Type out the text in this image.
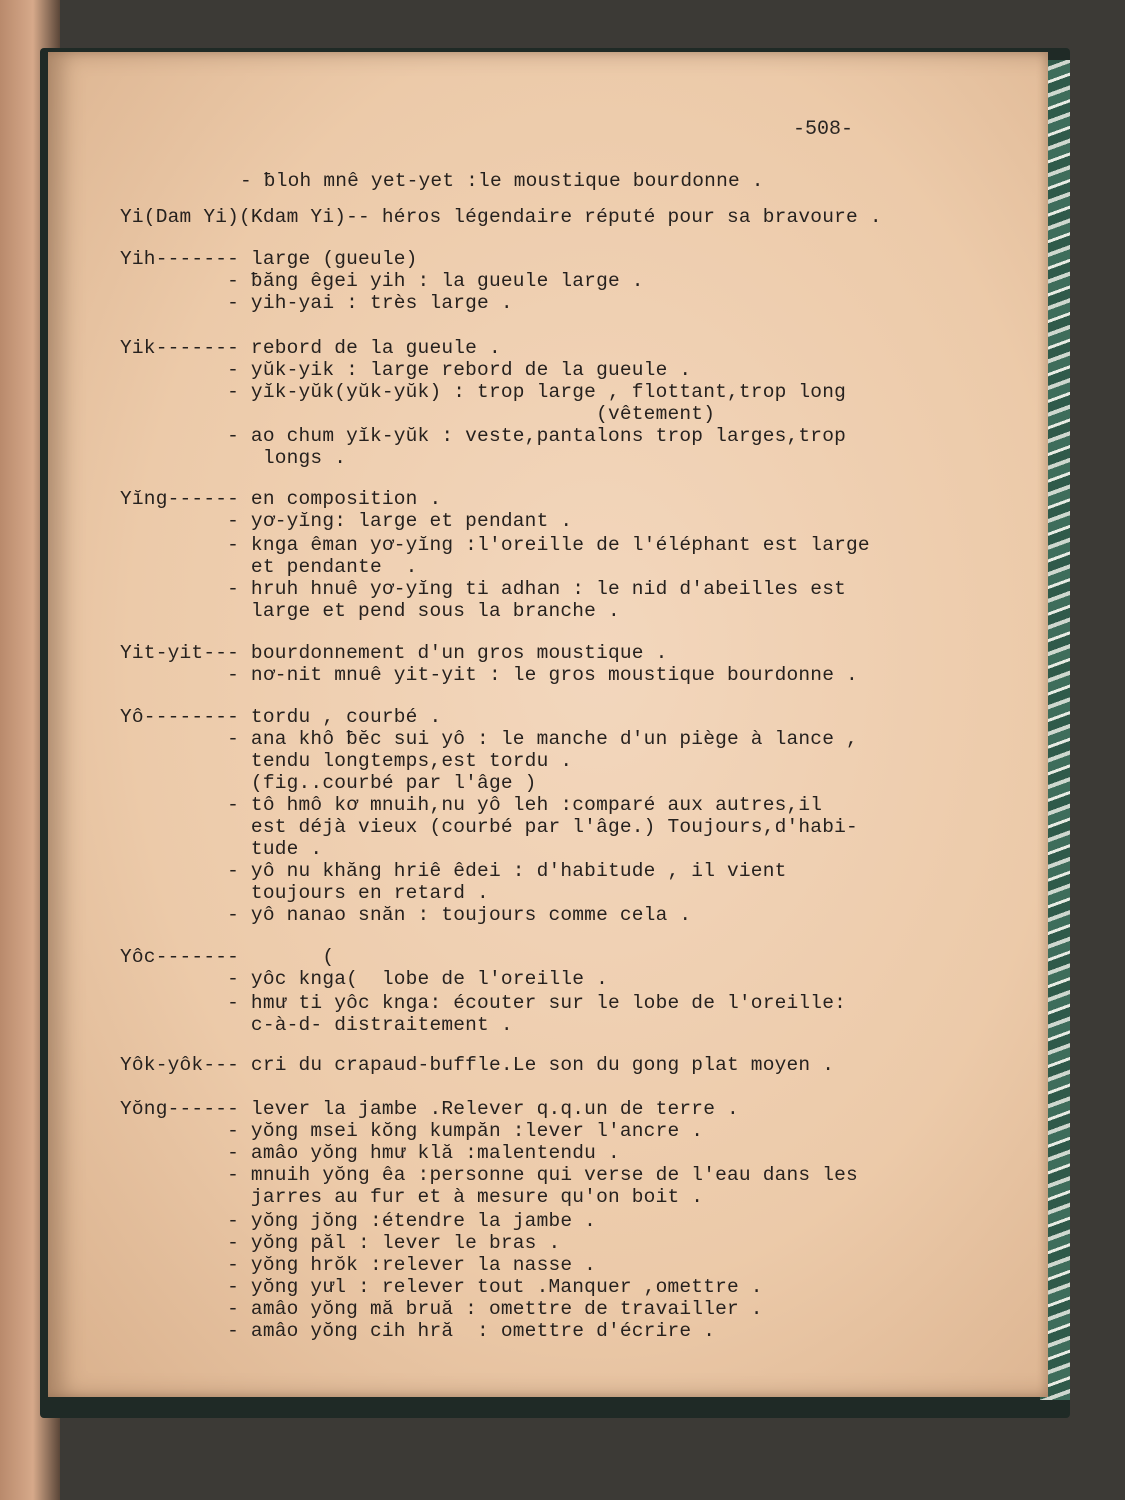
-508-
- ƀloh mnê yet-yet :le moustique bourdonne .
Yi(Dam Yi)(Kdam Yi)-- héros légendaire réputé pour sa bravoure .
Yih------- large (gueule)
- ƀăng êgei yih : la gueule large .
- yih-yai : très large .
Yik------- rebord de la gueule .
- yŭk-yik : large rebord de la gueule .
- yĭk-yŭk(yŭk-yŭk) : trop large , flottant,trop long
(vêtement)
- ao chum yĭk-yŭk : veste,pantalons trop larges,trop
longs .
Yĭng------ en composition .
- yơ-yĭng: large et pendant .
- knga êman yơ-yĭng :l'oreille de l'éléphant est large
et pendante  .
- hruh hnuê yơ-yĭng ti adhan : le nid d'abeilles est
large et pend sous la branche .
Yit-yit--- bourdonnement d'un gros moustique .
- nơ-nit mnuê yit-yit : le gros moustique bourdonne .
Yô-------- tordu , courbé .
- ana khô ƀĕc sui yô : le manche d'un piège à lance ,
tendu longtemps,est tordu .
(fig..courbé par l'âge )
- tô hmô kơ mnuih,nu yô leh :comparé aux autres,il
est déjà vieux (courbé par l'âge.) Toujours,d'habi-
tude .
- yô nu khăng hriê êdei : d'habitude , il vient
toujours en retard .
- yô nanao snăn : toujours comme cela .
Yôc-------       (
- yôc knga(  lobe de l'oreille .
- hmư ti yôc knga: écouter sur le lobe de l'oreille:
c-à-d- distraitement .
Yôk-yôk--- cri du crapaud-buffle.Le son du gong plat moyen .
Yŏng------ lever la jambe .Relever q.q.un de terre .
- yŏng msei kŏng kumpăn :lever l'ancre .
- amâo yŏng hmư klă :malentendu .
- mnuih yŏng êa :personne qui verse de l'eau dans les
jarres au fur et à mesure qu'on boit .
- yŏng jŏng :étendre la jambe .
- yŏng păl : lever le bras .
- yŏng hrŏk :relever la nasse .
- yŏng yưl : relever tout .Manquer ,omettre .
- amâo yŏng mă bruă : omettre de travailler .
- amâo yŏng cih hră  : omettre d'écrire .
